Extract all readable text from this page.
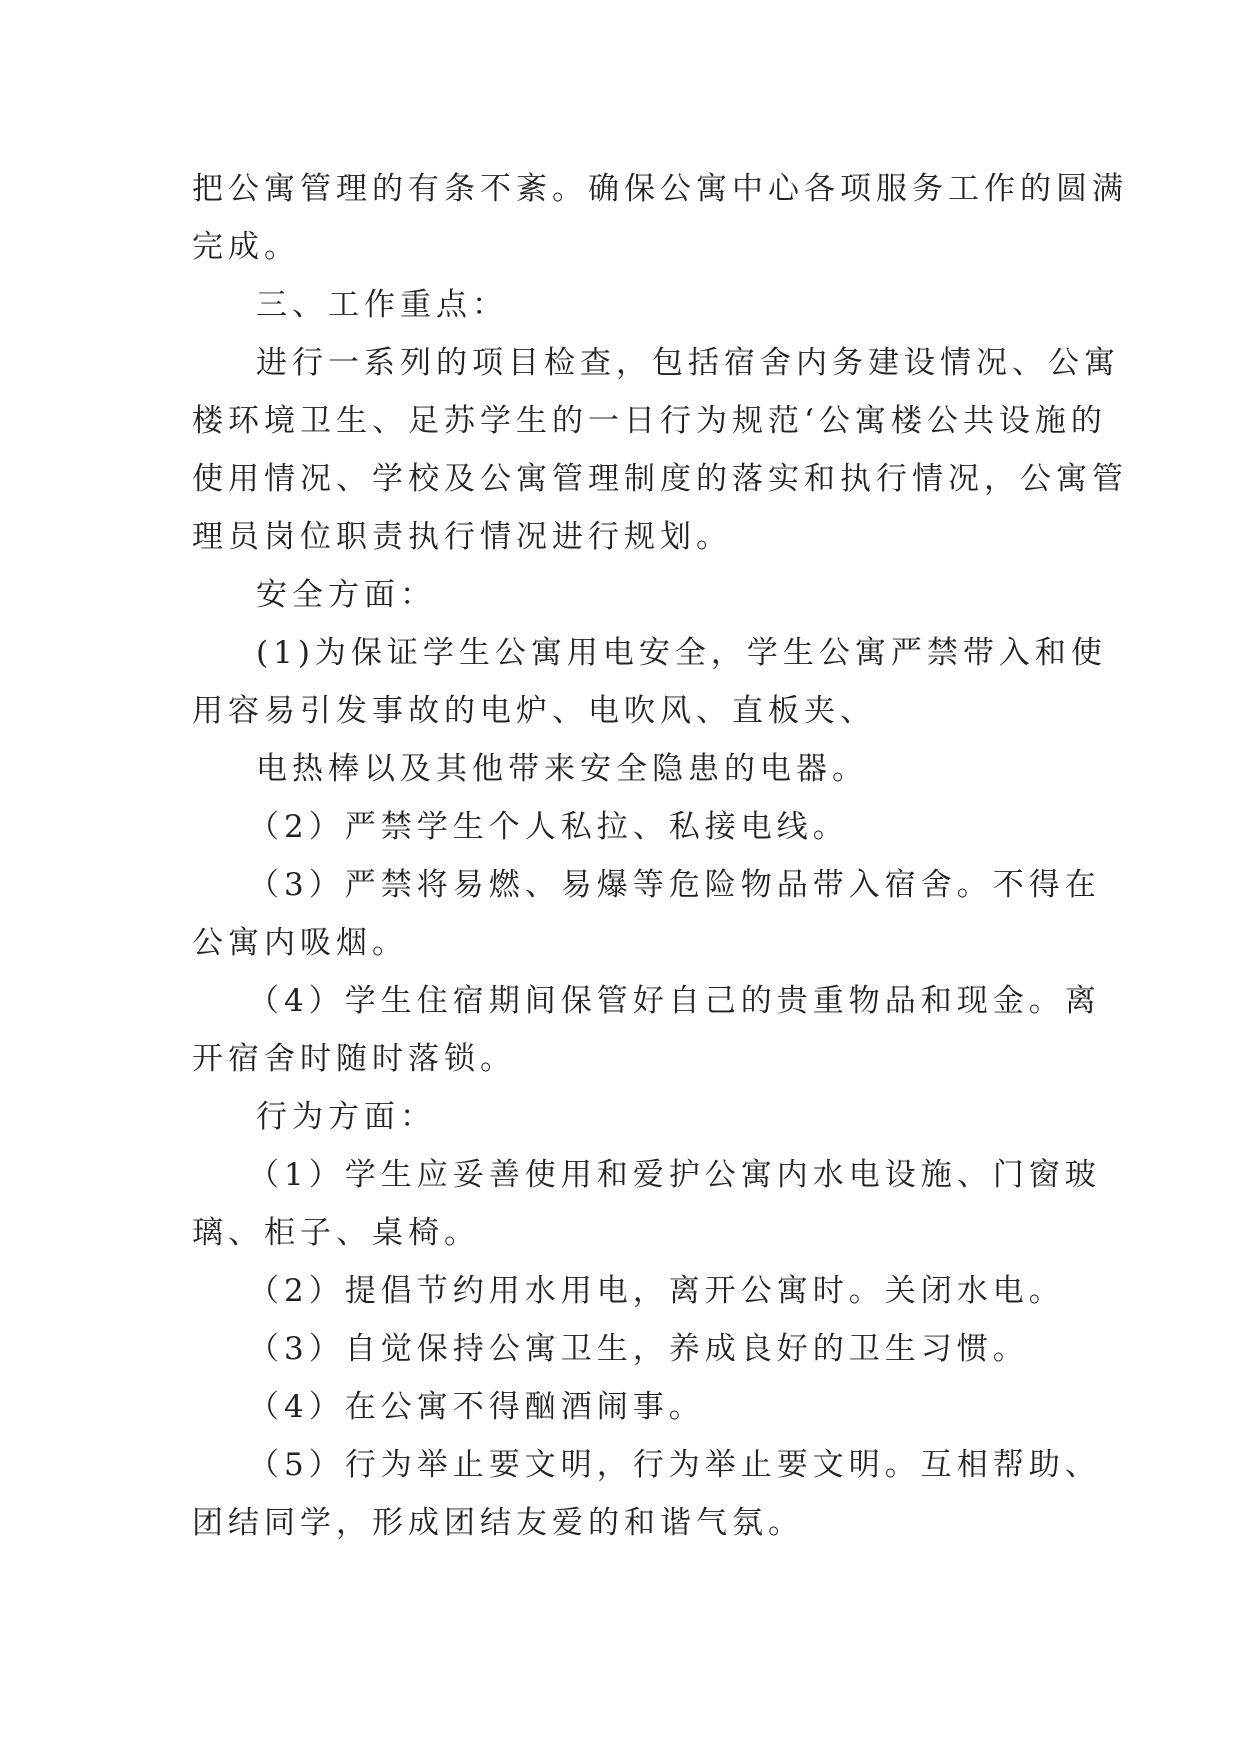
把公寓管理的有条不紊。确保公寓中心各项服务工作的圆满

完成。

三、工作重点：

进行一系列的项目检查，包括宿舍内务建设情况、公寓

楼环境卫生、足苏学生的一日行为规范‘公寓楼公共设施的

使用情况、学校及公寓管理制度的落实和执行情况，公寓管

理员岗位职责执行情况进行规划。

安全方面：

(1)为保证学生公寓用电安全，学生公寓严禁带入和使

用容易引发事故的电炉、电吹风、直板夹、

电热棒以及其他带来安全隐患的电器。

（2）严禁学生个人私拉、私接电线。

（3）严禁将易燃、易爆等危险物品带入宿舍。不得在

公寓内吸烟。

（4）学生住宿期间保管好自己的贵重物品和现金。离

开宿舍时随时落锁。

行为方面：

（1）学生应妥善使用和爱护公寓内水电设施、门窗玻

璃、柜子、桌椅。

（2）提倡节约用水用电，离开公寓时。关闭水电。

（3）自觉保持公寓卫生，养成良好的卫生习惯。

（4）在公寓不得酗酒闹事。

（5）行为举止要文明，行为举止要文明。互相帮助、

团结同学，形成团结友爱的和谐气氛。
